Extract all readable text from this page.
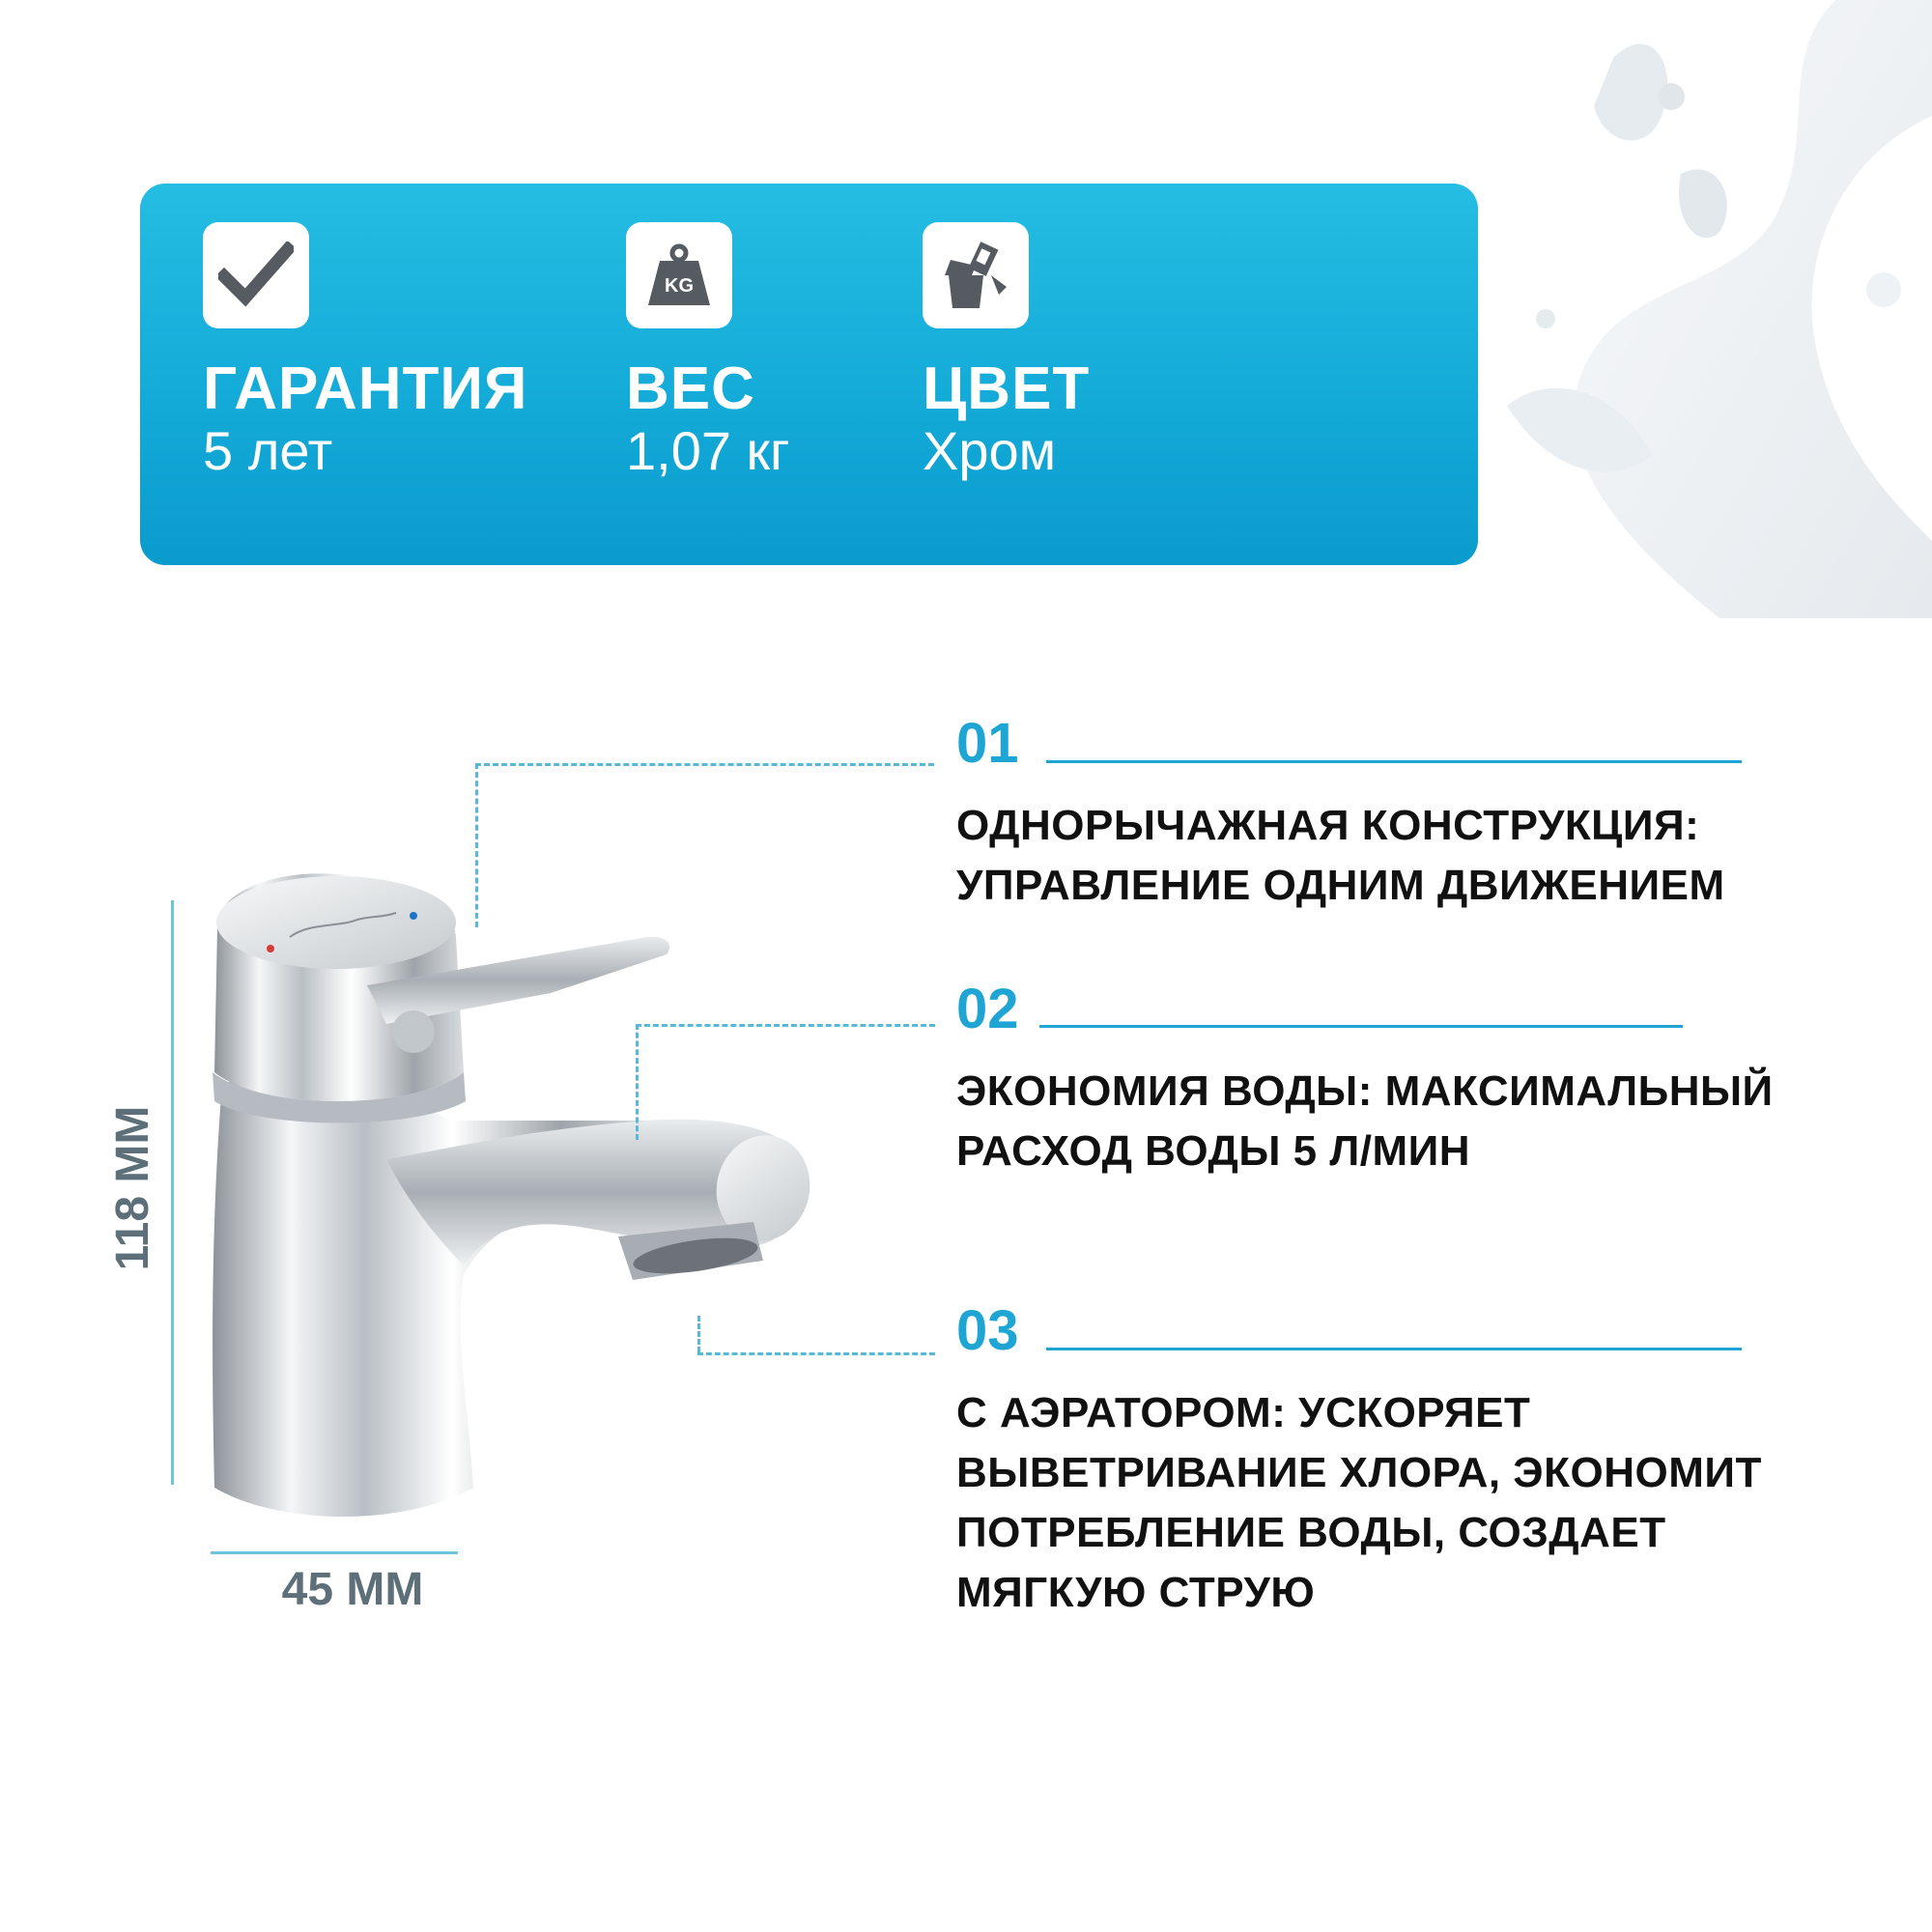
ГАРАНТИЯ
5 лет
KG
ВЕС
1,07 кг
ЦВЕТ
Хром
118 ММ
45 ММ
01
ОДНОРЫЧАЖНАЯ КОНСТРУКЦИЯ: УПРАВЛЕНИЕ ОДНИМ ДВИЖЕНИЕМ
02
ЭКОНОМИЯ ВОДЫ: МАКСИМАЛЬНЫЙ РАСХОД ВОДЫ 5 Л/МИН
03
С АЭРАТОРОМ: УСКОРЯЕТ ВЫВЕТРИВАНИЕ ХЛОРА, ЭКОНОМИТ ПОТРЕБЛЕНИЕ ВОДЫ, СОЗДАЕТ МЯГКУЮ СТРУЮ
